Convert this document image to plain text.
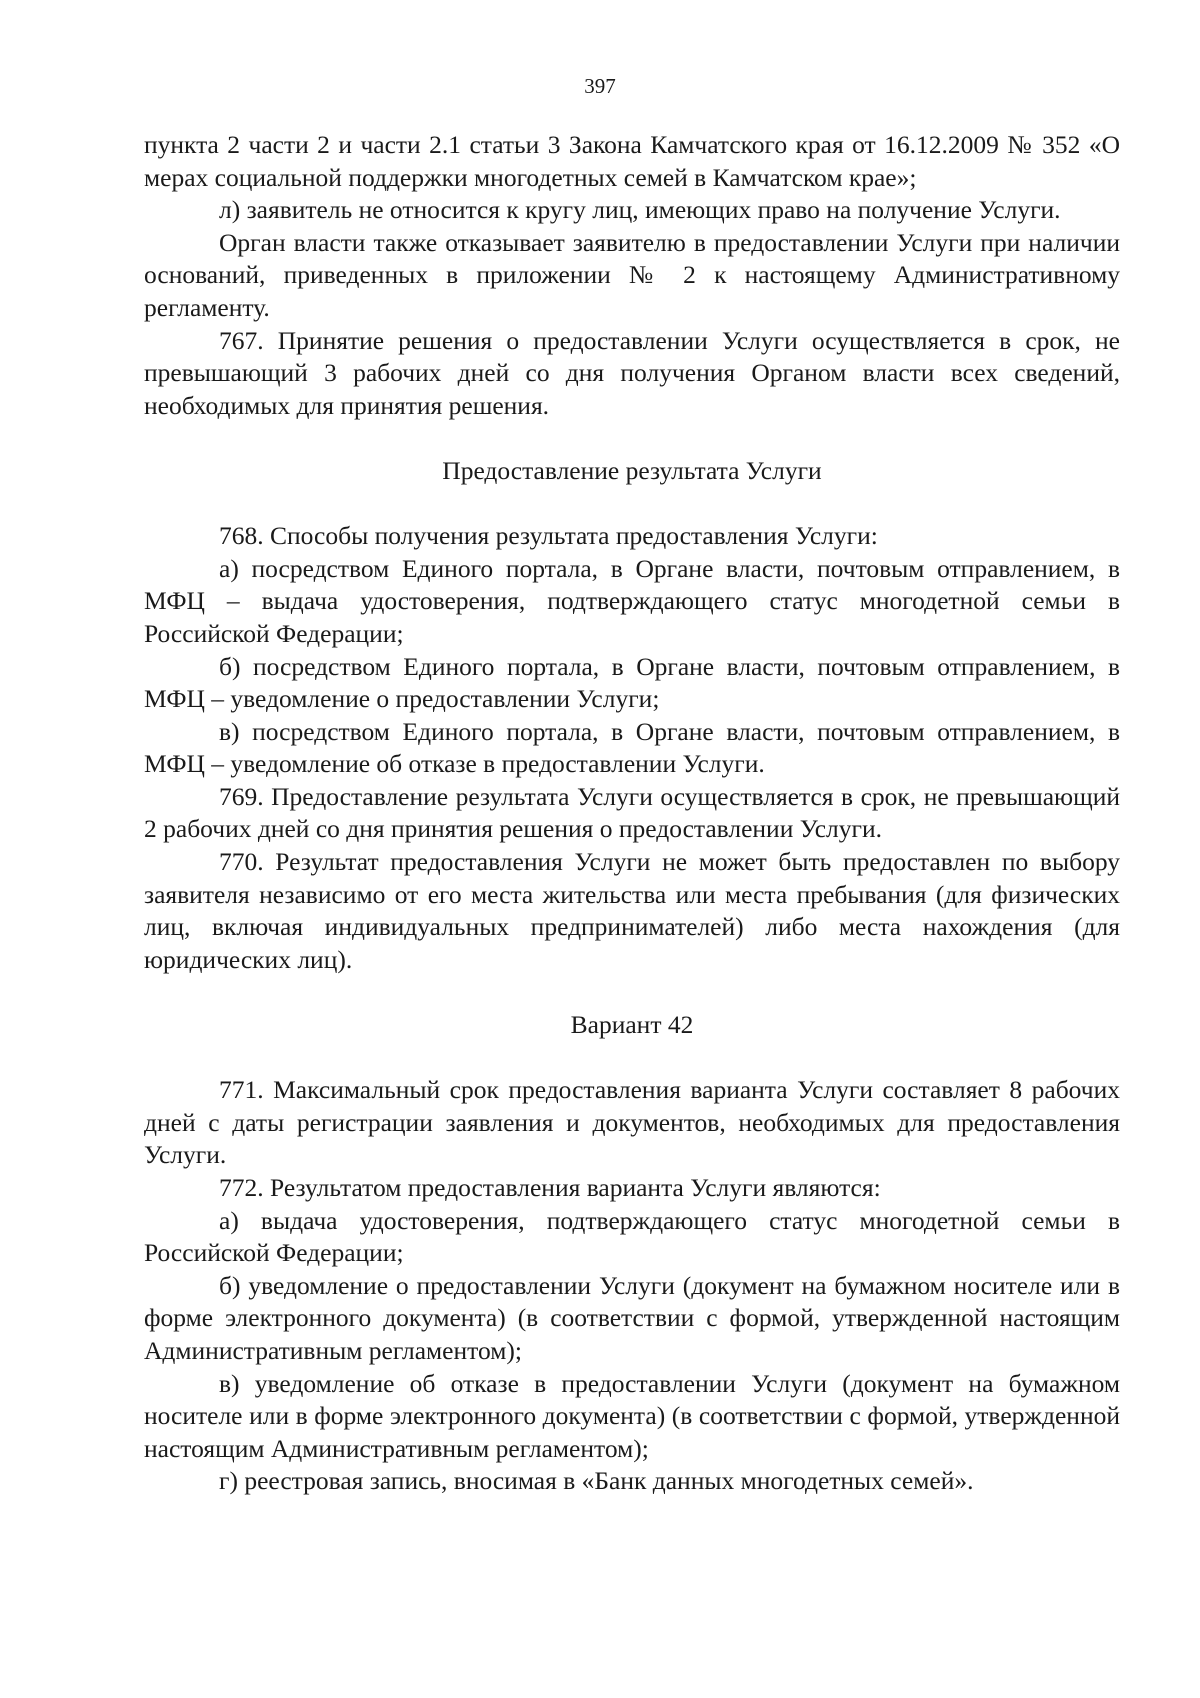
397

пункта 2 части 2 и части 2.1 статьи 3 Закона Камчатского края от 16.12.2009 № 352 «О мерах социальной поддержки многодетных семей в Камчатском крае»;

л) заявитель не относится к кругу лиц, имеющих право на получение Услуги.

Орган власти также отказывает заявителю в предоставлении Услуги при наличии оснований, приведенных в приложении № 2 к настоящему Административному регламенту.

767. Принятие решения о предоставлении Услуги осуществляется в срок, не превышающий 3 рабочих дней со дня получения Органом власти всех сведений, необходимых для принятия решения.

Предоставление результата Услуги

768. Способы получения результата предоставления Услуги:

а) посредством Единого портала, в Органе власти, почтовым отправлением, в МФЦ – выдача удостоверения, подтверждающего статус многодетной семьи в Российской Федерации;

б) посредством Единого портала, в Органе власти, почтовым отправлением, в МФЦ – уведомление о предоставлении Услуги;

в) посредством Единого портала, в Органе власти, почтовым отправлением, в МФЦ – уведомление об отказе в предоставлении Услуги.

769. Предоставление результата Услуги осуществляется в срок, не превышающий 2 рабочих дней со дня принятия решения о предоставлении Услуги.

770. Результат предоставления Услуги не может быть предоставлен по выбору заявителя независимо от его места жительства или места пребывания (для физических лиц, включая индивидуальных предпринимателей) либо места нахождения (для юридических лиц).

Вариант 42

771. Максимальный срок предоставления варианта Услуги составляет 8 рабочих дней с даты регистрации заявления и документов, необходимых для предоставления Услуги.

772. Результатом предоставления варианта Услуги являются:

а) выдача удостоверения, подтверждающего статус многодетной семьи в Российской Федерации;

б) уведомление о предоставлении Услуги (документ на бумажном носителе или в форме электронного документа) (в соответствии с формой, утвержденной настоящим Административным регламентом);

в) уведомление об отказе в предоставлении Услуги (документ на бумажном носителе или в форме электронного документа) (в соответствии с формой, утвержденной настоящим Административным регламентом);

г) реестровая запись, вносимая в «Банк данных многодетных семей».
